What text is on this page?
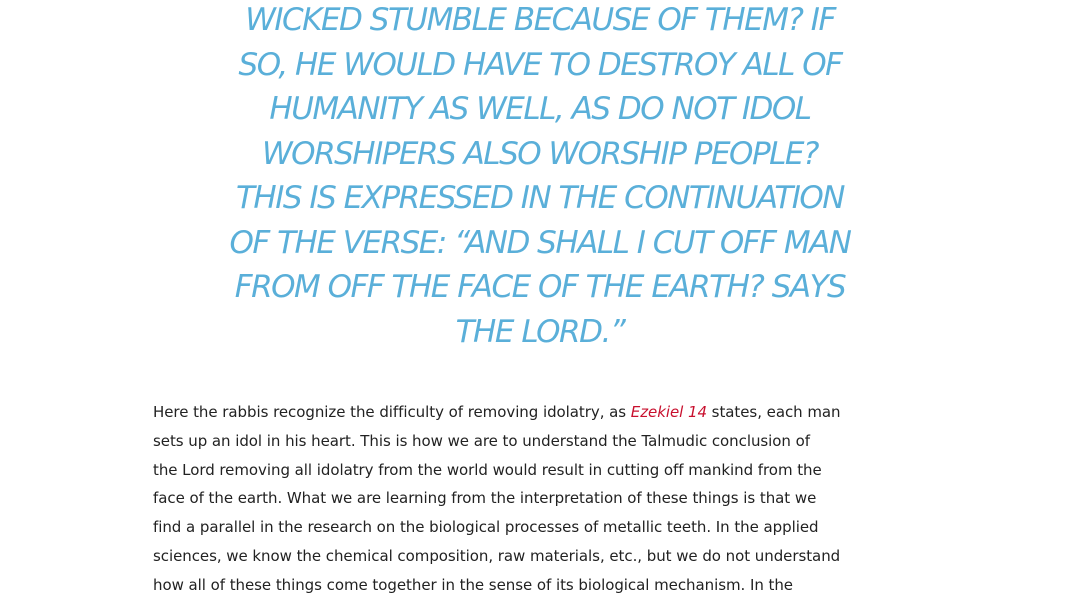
WICKED STUMBLE BECAUSE OF THEM? IF
SO, HE WOULD HAVE TO DESTROY ALL OF
HUMANITY AS WELL, AS DO NOT IDOL
WORSHIPERS ALSO WORSHIP PEOPLE?
THIS IS EXPRESSED IN THE CONTINUATION
OF THE VERSE: “AND SHALL I CUT OFF MAN
FROM OFF THE FACE OF THE EARTH? SAYS
THE LORD.”
Here the rabbis recognize the difficulty of removing idolatry, as Ezekiel 14 states, each man
sets up an idol in his heart. This is how we are to understand the Talmudic conclusion of
the Lord removing all idolatry from the world would result in cutting off mankind from the
face of the earth. What we are learning from the interpretation of these things is that we
find a parallel in the research on the biological processes of metallic teeth. In the applied
sciences, we know the chemical composition, raw materials, etc., but we do not understand
how all of these things come together in the sense of its biological mechanism. In the
